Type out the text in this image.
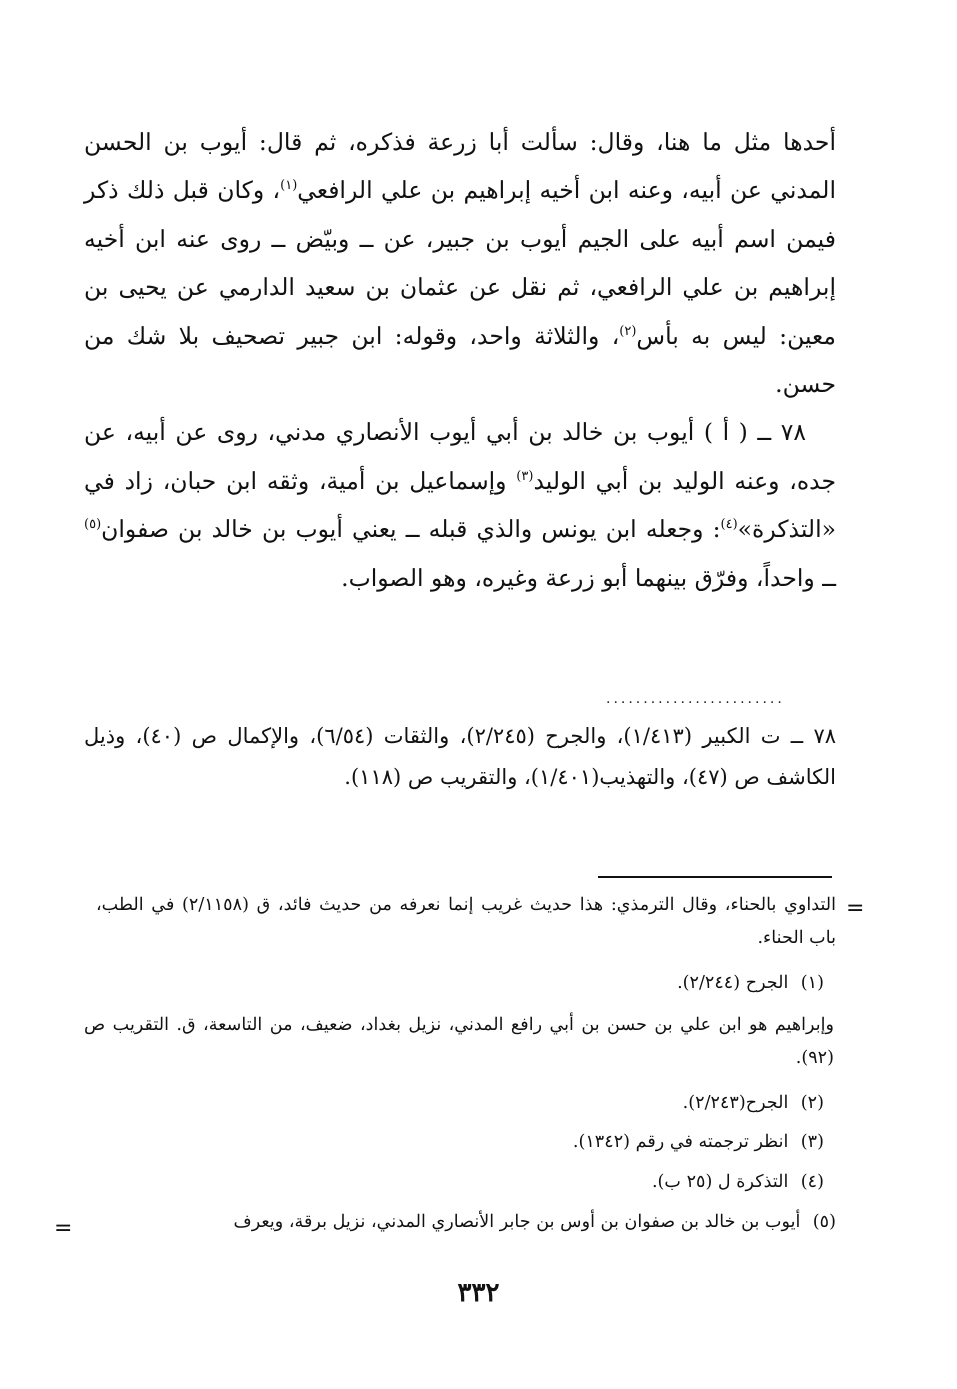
أحدها مثل ما هنا، وقال: سألت أبا زرعة فذكره، ثم قال: أيوب بن الحسن المدني عن أبيه، وعنه ابن أخيه إبراهيم بن علي الرافعي$^{(١)}$، وكان قبل ذلك ذكر فيمن اسم أبيه على الجيم أيوب بن جبير، عن ــ وبيّض ــ روى عنه ابن أخيه إبراهيم بن علي الرافعي، ثم نقل عن عثمان بن سعيد الدارمي عن يحيى بن معين: ليس به بأس$^{(٢)}$، والثلاثة واحد، وقوله: ابن جبير تصحيف بلا شك من حسن.

٧٨ ــ ( أ ) أيوب بن خالد بن أبي أيوب الأنصاري مدني، روى عن أبيه، عن جده، وعنه الوليد بن أبي الوليد$^{(٣)}$ وإسماعيل بن أمية، وثقه ابن حبان، زاد في «التذكرة»$^{(٤)}$: وجعله ابن يونس والذي قبله ــ يعني أيوب بن خالد بن صفوان$^{(٥)}$ ــ واحداً، وفرّق بينهما أبو زرعة وغيره، وهو الصواب.

........................
٧٨ ــ ت الكبير (١/٤١٣)، والجرح (٢/٢٤٥)، والثقات (٦/٥٤)، والإكمال ص (٤٠)، وذيل الكاشف ص (٤٧)، والتهذيب(١/٤٠١)، والتقريب ص (١١٨).
=
التداوي بالحناء، وقال الترمذي: هذا حديث غريب إنما نعرفه من حديث فائد، ق (٢/١١٥٨) في الطب، باب الحناء.
(١) الجرح (٢/٢٤٤).
وإبراهيم هو ابن علي بن حسن بن أبي رافع المدني، نزيل بغداد، ضعيف، من التاسعة، ق. التقريب ص (٩٢).
(٢) الجرح(٢/٢٤٣).
(٣) انظر ترجمته في رقم (١٣٤٢).
(٤) التذكرة ل (٢٥ ب).
(٥) أيوب بن خالد بن صفوان بن أوس بن جابر الأنصاري المدني، نزيل برقة، ويعرف
=
٣٣٢
